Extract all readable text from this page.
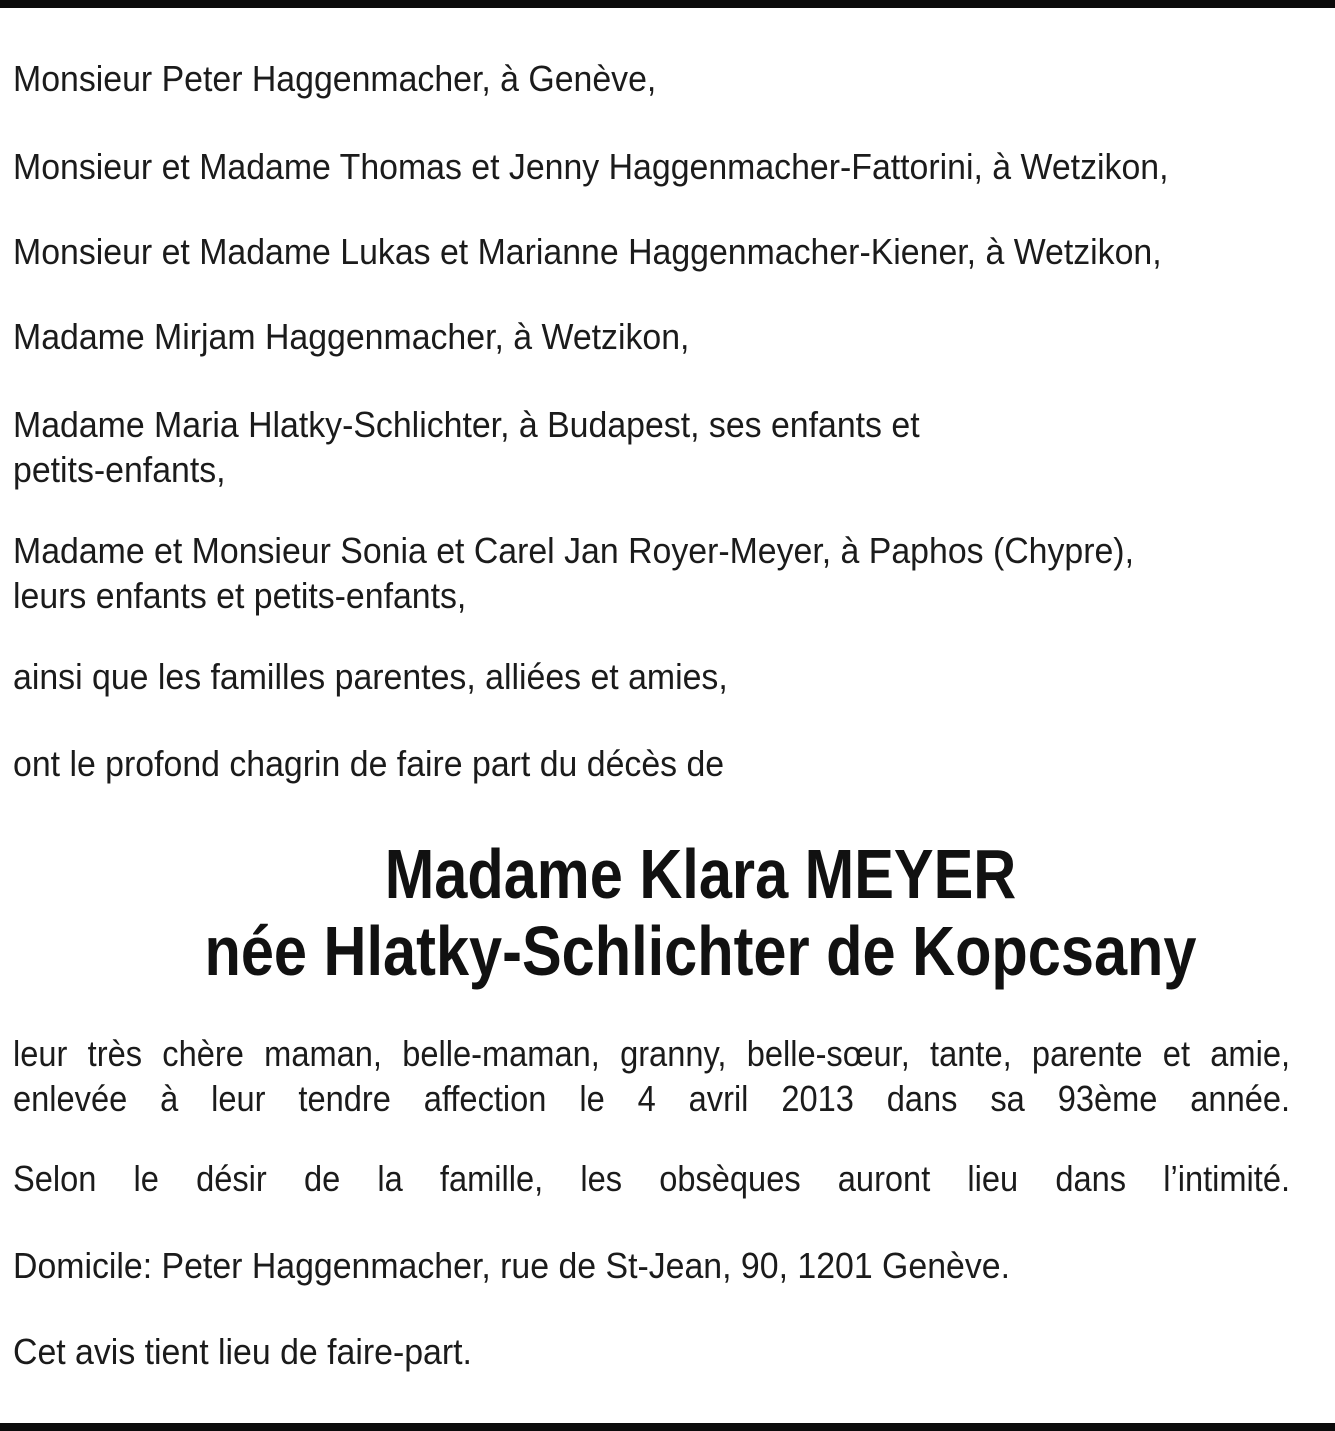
Monsieur Peter Haggenmacher, à Genève,
Monsieur et Madame Thomas et Jenny Haggenmacher-Fattorini, à Wetzikon,
Monsieur et Madame Lukas et Marianne Haggenmacher-Kiener, à Wetzikon,
Madame Mirjam Haggenmacher, à Wetzikon,
Madame Maria Hlatky-Schlichter, à Budapest, ses enfants et
petits-enfants,
Madame et Monsieur Sonia et Carel Jan Royer-Meyer, à Paphos (Chypre),
leurs enfants et petits-enfants,
ainsi que les familles parentes, alliées et amies,
ont le profond chagrin de faire part du décès de
Madame Klara MEYER
née Hlatky-Schlichter de Kopcsany
leur très chère maman, belle-maman, granny, belle-sœur, tante, parente et amie,
enlevée à leur tendre affection le 4 avril 2013 dans sa 93ème année.
Selon le désir de la famille, les obsèques auront lieu dans l’intimité.
Domicile: Peter Haggenmacher, rue de St-Jean, 90, 1201 Genève.
Cet avis tient lieu de faire-part.
